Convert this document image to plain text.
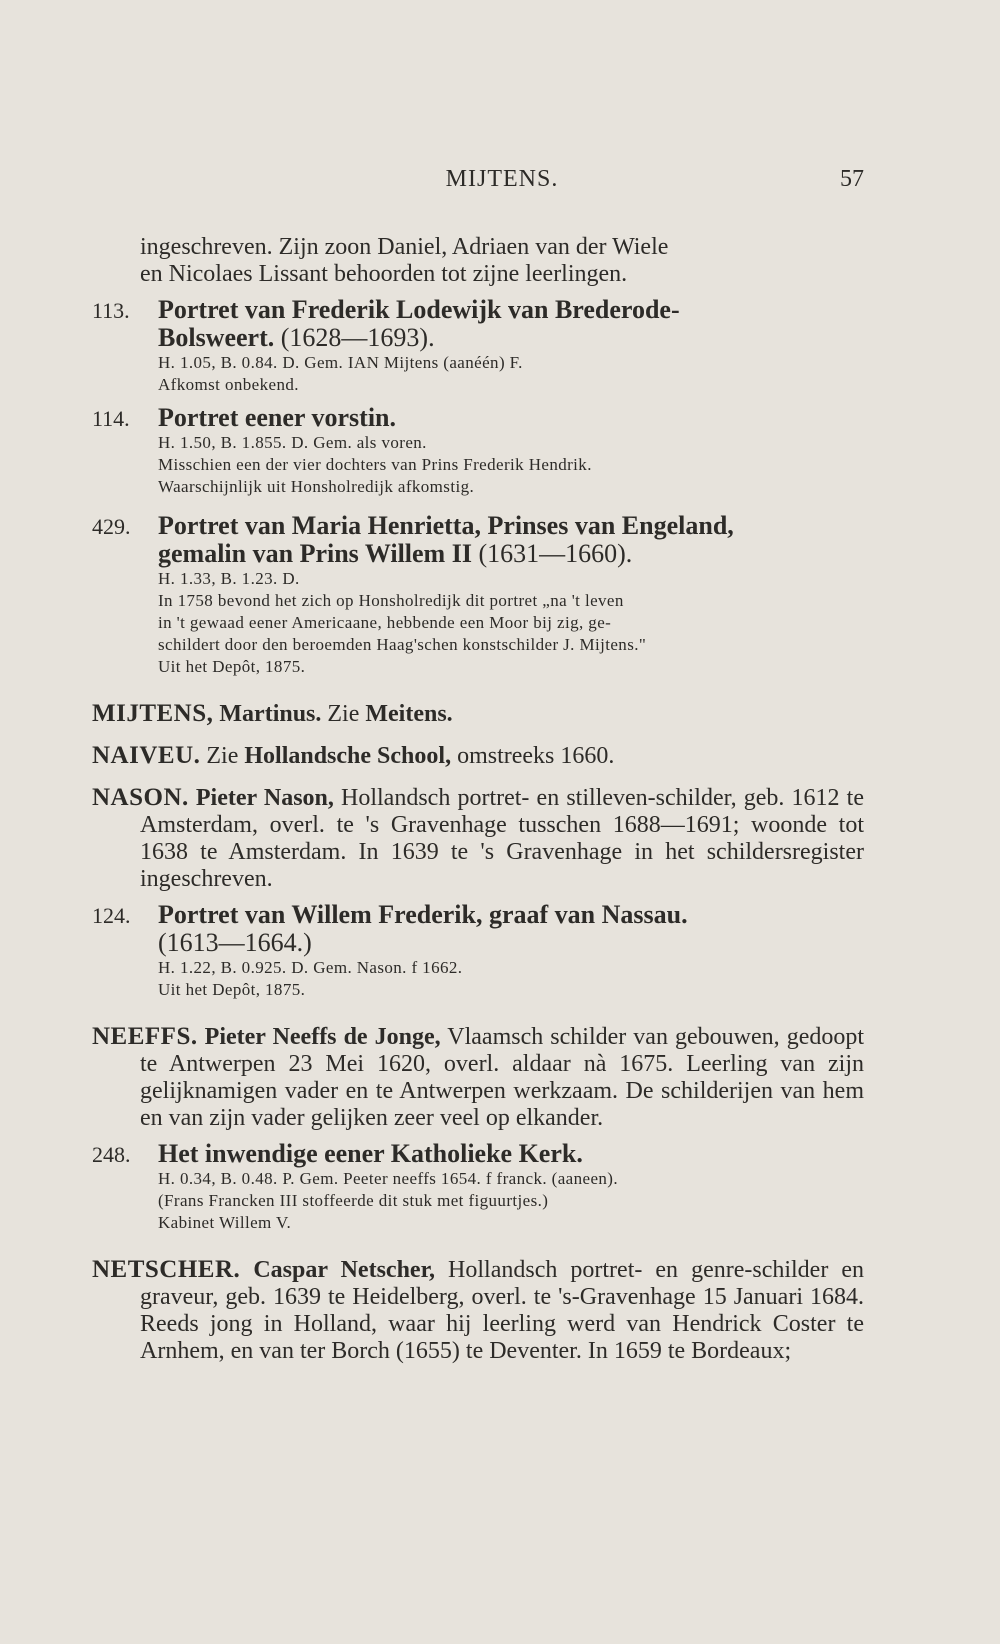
MIJTENS.	57
ingeschreven. Zijn zoon Daniel, Adriaen van der Wiele
en Nicolaes Lissant behoorden tot zijne leerlingen.
113.	Portret van Frederik Lodewijk van Brederode-
Bolsweert. (1628—1693).
H. 1.05, B. 0.84. D. Gem. IAN Mijtens (aanéén) F.
Afkomst onbekend.
114.	Portret eener vorstin.
H. 1.50, B. 1.855. D. Gem. als voren.
Misschien een der vier dochters van Prins Frederik Hendrik.
Waarschijnlijk uit Honsholredijk afkomstig.
429.	Portret van Maria Henrietta, Prinses van Engeland,
gemalin van Prins Willem II (1631—1660).
H. 1.33, B. 1.23. D.
In 1758 bevond het zich op Honsholredijk dit portret „na 't leven
in 't gewaad eener Americaane, hebbende een Moor bij zig, ge-
schildert door den beroemden Haag'schen konstschilder J. Mijtens."
Uit het Depôt, 1875.
MIJTENS, Martinus. Zie Meitens.
NAIVEU. Zie Hollandsche School, omstreeks 1660.
NASON. Pieter Nason, Hollandsch portret- en stilleven-schilder, geb. 1612 te Amsterdam, overl. te 's Gravenhage tusschen 1688—1691; woonde tot 1638 te Amsterdam. In 1639 te 's Gravenhage in het schildersregister ingeschreven.
124.	Portret van Willem Frederik, graaf van Nassau.
(1613—1664.)
H. 1.22, B. 0.925. D. Gem. Nason. f 1662.
Uit het Depôt, 1875.
NEEFFS. Pieter Neeffs de Jonge, Vlaamsch schilder van gebouwen, gedoopt te Antwerpen 23 Mei 1620, overl. aldaar nà 1675. Leerling van zijn gelijknamigen vader en te Antwerpen werkzaam. De schilderijen van hem en van zijn vader gelijken zeer veel op elkander.
248.	Het inwendige eener Katholieke Kerk.
H. 0.34, B. 0.48. P. Gem. Peeter neeffs 1654. f franck. (aaneen).
(Frans Francken III stoffeerde dit stuk met figuurtjes.)
Kabinet Willem V.
NETSCHER. Caspar Netscher, Hollandsch portret- en genre-schilder en graveur, geb. 1639 te Heidelberg, overl. te 's-Gravenhage 15 Januari 1684. Reeds jong in Holland, waar hij leerling werd van Hendrick Coster te Arnhem, en van ter Borch (1655) te Deventer. In 1659 te Bordeaux;
